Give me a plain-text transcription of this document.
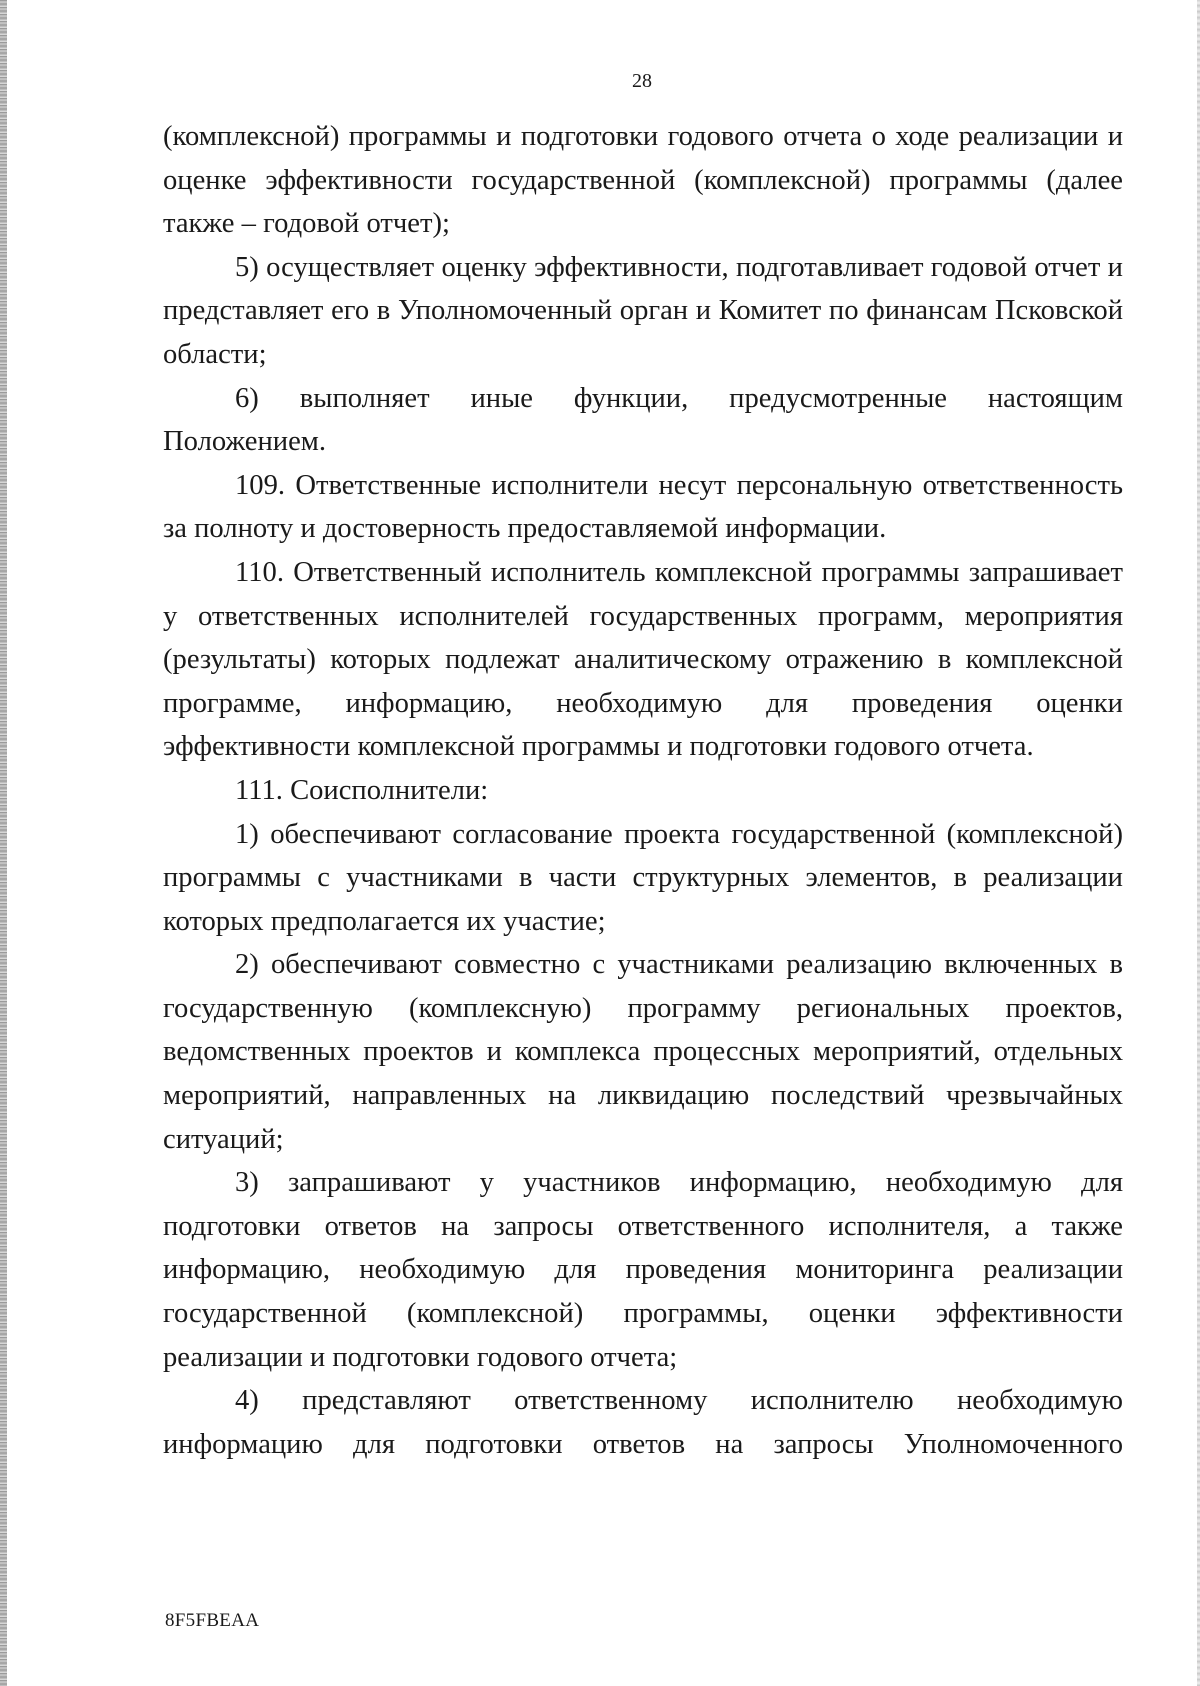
28

(комплексной) программы и подготовки годового отчета о ходе реализации и оценке эффективности государственной (комплексной) программы (далее также – годовой отчет);

5) осуществляет оценку эффективности, подготавливает годовой отчет и представляет его в Уполномоченный орган и Комитет по финансам Псковской области;

6) выполняет иные функции, предусмотренные настоящим Положением.

109. Ответственные исполнители несут персональную ответственность за полноту и достоверность предоставляемой информации.

110. Ответственный исполнитель комплексной программы запрашивает у ответственных исполнителей государственных программ, мероприятия (результаты) которых подлежат аналитическому отражению в комплексной программе, информацию, необходимую для проведения оценки эффективности комплексной программы и подготовки годового отчета.

111. Соисполнители:

1) обеспечивают согласование проекта государственной (комплексной) программы с участниками в части структурных элементов, в реализации которых предполагается их участие;

2) обеспечивают совместно с участниками реализацию включенных в государственную (комплексную) программу региональных проектов, ведомственных проектов и комплекса процессных мероприятий, отдельных мероприятий, направленных на ликвидацию последствий чрезвычайных ситуаций;

3) запрашивают у участников информацию, необходимую для подготовки ответов на запросы ответственного исполнителя, а также информацию, необходимую для проведения мониторинга реализации государственной (комплексной) программы, оценки эффективности реализации и подготовки годового отчета;

4) представляют ответственному исполнителю необходимую информацию для подготовки ответов на запросы Уполномоченного

8F5FBEAA
